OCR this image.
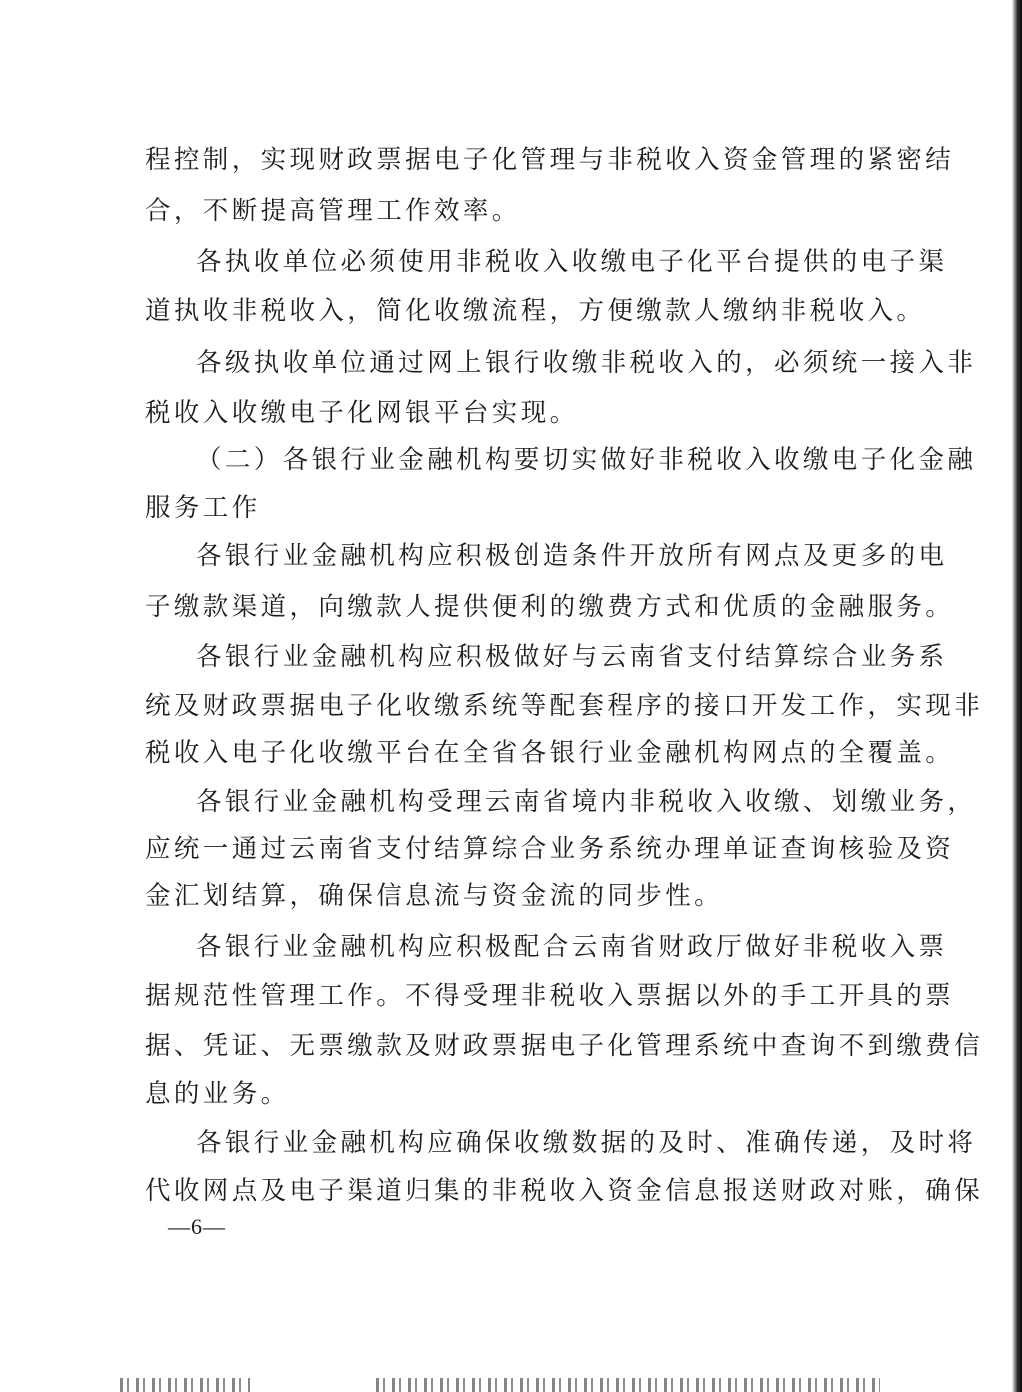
程控制，实现财政票据电子化管理与非税收入资金管理的紧密结
合，不断提高管理工作效率。
各执收单位必须使用非税收入收缴电子化平台提供的电子渠
道执收非税收入，简化收缴流程，方便缴款人缴纳非税收入。
各级执收单位通过网上银行收缴非税收入的，必须统一接入非
税收入收缴电子化网银平台实现。
（二）各银行业金融机构要切实做好非税收入收缴电子化金融
服务工作
各银行业金融机构应积极创造条件开放所有网点及更多的电
子缴款渠道，向缴款人提供便利的缴费方式和优质的金融服务。
各银行业金融机构应积极做好与云南省支付结算综合业务系
统及财政票据电子化收缴系统等配套程序的接口开发工作，实现非
税收入电子化收缴平台在全省各银行业金融机构网点的全覆盖。
各银行业金融机构受理云南省境内非税收入收缴、划缴业务，
应统一通过云南省支付结算综合业务系统办理单证查询核验及资
金汇划结算，确保信息流与资金流的同步性。
各银行业金融机构应积极配合云南省财政厅做好非税收入票
据规范性管理工作。不得受理非税收入票据以外的手工开具的票
据、凭证、无票缴款及财政票据电子化管理系统中查询不到缴费信
息的业务。
各银行业金融机构应确保收缴数据的及时、准确传递，及时将
代收网点及电子渠道归集的非税收入资金信息报送财政对账，确保
—6—
